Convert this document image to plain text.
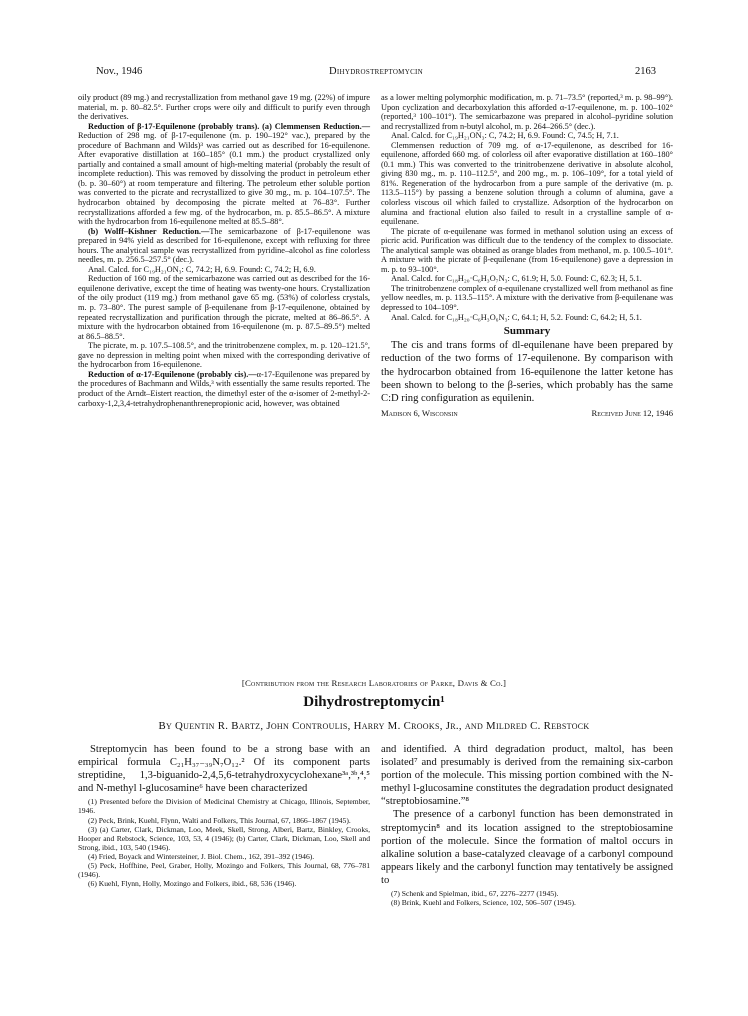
Nov., 1946	Dihydrostreptomycin	2163

oily product (89 mg.) and recrystallization from methanol gave 19 mg. (22%) of impure material, m. p. 80–82.5°. Further crops were oily and difficult to purify even through the derivatives.

Reduction of β-17-Equilenone (probably trans). (a) Clemmensen Reduction.—Reduction of 298 mg. of β-17-equilenone (m. p. 190–192° vac.), prepared by the procedure of Bachmann and Wilds)³ was carried out as described for 16-equilenone. After evaporative distillation at 160–185° (0.1 mm.) the product crystallized only partially and contained a small amount of high-melting material (probably the result of incomplete reduction). This was removed by dissolving the product in petroleum ether (b. p. 30–60°) at room temperature and filtering. The petroleum ether soluble portion was converted to the picrate and recrystallized to give 30 mg., m. p. 104–107.5°. The hydrocarbon obtained by decomposing the picrate melted at 76–83°. Further recrystallizations afforded a few mg. of the hydrocarbon, m. p. 85.5–86.5°. A mixture with the hydrocarbon from 16-equilenone melted at 85.5–88°.

(b) Wolff–Kishner Reduction.—The semicarbazone of β-17-equilenone was prepared in 94% yield as described for 16-equilenone, except with refluxing for three hours. The analytical sample was recrystallized from pyridine–alcohol as fine colorless needles, m. p. 256.5–257.5° (dec.).

Anal. Calcd. for C₁₉H₂₁ON₃: C, 74.2; H, 6.9. Found: C, 74.2; H, 6.9.

Reduction of 160 mg. of the semicarbazone was carried out as described for the 16-equilenone derivative, except the time of heating was twenty-one hours. Crystallization of the oily product (119 mg.) from methanol gave 65 mg. (53%) of colorless crystals, m. p. 73–80°. The purest sample of β-equilenane from β-17-equilenone, obtained by repeated recrystallization and purification through the picrate, melted at 86–86.5°. A mixture with the hydrocarbon obtained from 16-equilenone (m. p. 87.5–89.5°) melted at 86.5–88.5°.

The picrate, m. p. 107.5–108.5°, and the trinitrobenzene complex, m. p. 120–121.5°, gave no depression in melting point when mixed with the corresponding derivative of the hydrocarbon from 16-equilenone.

Reduction of α-17-Equilenone (probably cis).—α-17-Equilenone was prepared by the procedures of Bachmann and Wilds,³ with essentially the same results reported. The product of the Arndt–Eistert reaction, the dimethyl ester of the α-isomer of 2-methyl-2-carboxy-1,2,3,4-tetrahydrophenanthrenepropionic acid, however, was obtained

as a lower melting polymorphic modification, m. p. 71–73.5° (reported,³ m. p. 98–99°). Upon cyclization and decarboxylation this afforded α-17-equilenone, m. p. 100–102° (reported,³ 100–101°). The semicarbazone was prepared in alcohol–pyridine solution and recrystallized from n-butyl alcohol, m. p. 264–266.5° (dec.).

Anal. Calcd. for C₁₉H₂₁ON₃: C, 74.2; H, 6.9. Found: C, 74.5; H, 7.1.

Clemmensen reduction of 709 mg. of α-17-equilenone, as described for 16-equilenone, afforded 660 mg. of colorless oil after evaporative distillation at 160–180° (0.1 mm.) This was converted to the trinitrobenzene derivative in absolute alcohol, giving 830 mg., m. p. 110–112.5°, and 200 mg., m. p. 106–109°, for a total yield of 81%. Regeneration of the hydrocarbon from a pure sample of the derivative (m. p. 113.5–115°) by passing a benzene solution through a column of alumina, gave a colorless viscous oil which failed to crystallize. Adsorption of the hydrocarbon on alumina and fractional elution also failed to result in a crystalline sample of α-equilenane.

The picrate of α-equilenane was formed in methanol solution using an excess of picric acid. Purification was difficult due to the tendency of the complex to dissociate. The analytical sample was obtained as orange blades from methanol, m. p. 100.5–101°. A mixture with the picrate of β-equilenane (from 16-equilenone) gave a depression in m. p. to 93–100°.

Anal. Calcd. for C₁₈H₂₀·C₆H₃O₇N₃: C, 61.9; H, 5.0. Found: C, 62.3; H, 5.1.

The trinitrobenzene complex of α-equilenane crystallized well from methanol as fine yellow needles, m. p. 113.5–115°. A mixture with the derivative from β-equilenane was depressed to 104–109°.

Anal. Calcd. for C₁₈H₂₀·C₆H₃O₆N₃: C, 64.1; H, 5.2. Found: C, 64.2; H, 5.1.

Summary

The cis and trans forms of dl-equilenane have been prepared by reduction of the two forms of 17-equilenone. By comparison with the hydrocarbon obtained from 16-equilenone the latter ketone has been shown to belong to the β-series, which probably has the same C:D ring configuration as equilenin.

Madison 6, Wisconsin	Received June 12, 1946
[Contribution from the Research Laboratories of Parke, Davis & Co.]
Dihydrostreptomycin¹
By Quentin R. Bartz, John Controulis, Harry M. Crooks, Jr., and Mildred C. Rebstock

Streptomycin has been found to be a strong base with an empirical formula C₂₁H₃₇₋₃₉N₇O₁₂.² Of its component parts streptidine, 1,3-biguanido-2,4,5,6-tetrahydroxycyclohexane³ᵃ,³ᵇ,⁴,⁵ and N-methyl l-glucosamine⁶ have been characterized

(1) Presented before the Division of Medicinal Chemistry at Chicago, Illinois, September, 1946.
(2) Peck, Brink, Kuehl, Flynn, Walti and Folkers, This Journal, 67, 1866–1867 (1945).
(3) (a) Carter, Clark, Dickman, Loo, Meek, Skell, Strong, Alberi, Bartz, Binkley, Crooks, Hooper and Rebstock, Science, 103, 53, 4 (1946); (b) Carter, Clark, Dickman, Loo, Skell and Strong, ibid., 103, 540 (1946).
(4) Fried, Boyack and Wintersteiner, J. Biol. Chem., 162, 391–392 (1946).
(5) Peck, Hoffhine, Peel, Graber, Holly, Mozingo and Folkers, This Journal, 68, 776–781 (1946).
(6) Kuehl, Flynn, Holly, Mozingo and Folkers, ibid., 68, 536 (1946).

and identified. A third degradation product, maltol, has been isolated⁷ and presumably is derived from the remaining six-carbon portion of the molecule. This missing portion combined with the N-methyl l-glucosamine constitutes the degradation product designated “streptobiosamine.”⁸

The presence of a carbonyl function has been demonstrated in streptomycin⁸ and its location assigned to the streptobiosamine portion of the molecule. Since the formation of maltol occurs in alkaline solution a base-catalyzed cleavage of a carbonyl compound appears likely and the carbonyl function may tentatively be assigned to

(7) Schenk and Spielman, ibid., 67, 2276–2277 (1945).
(8) Brink, Kuehl and Folkers, Science, 102, 506–507 (1945).
